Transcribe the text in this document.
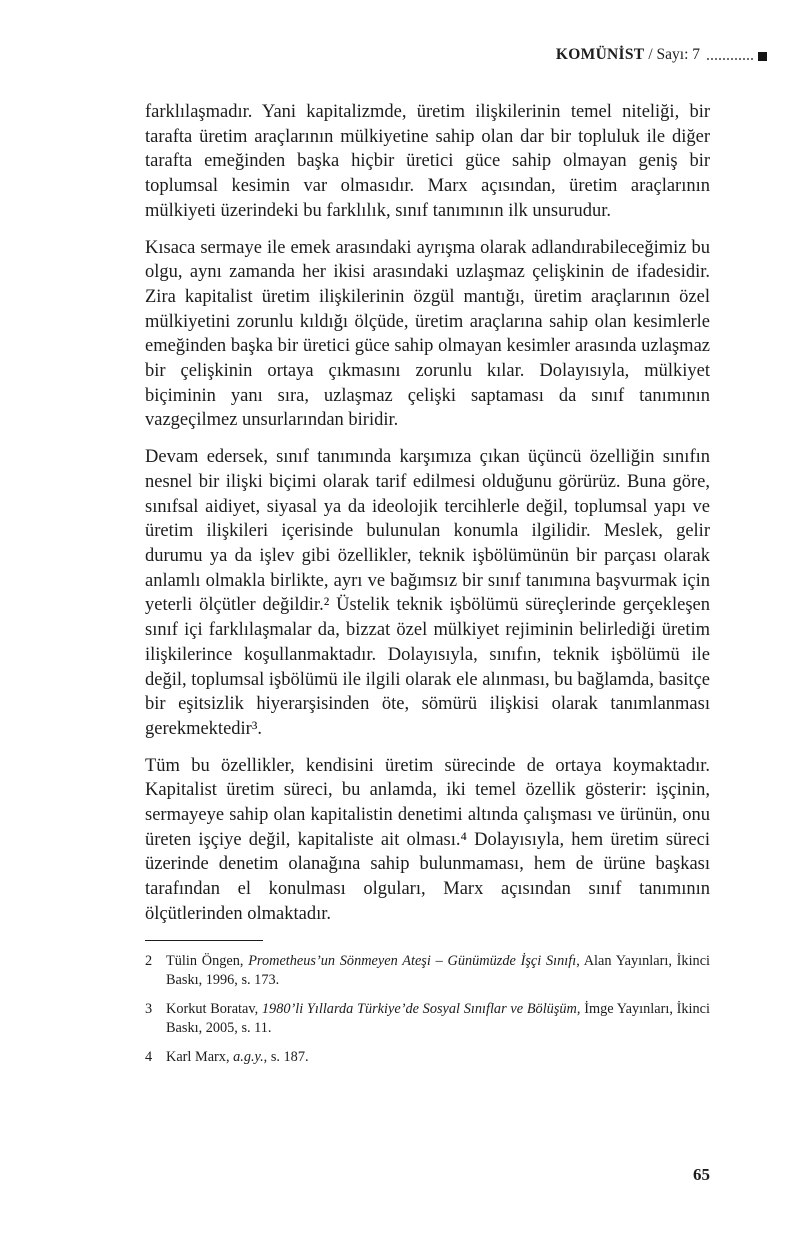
KOMÜNİST / Sayı: 7

farklılaşmadır. Yani kapitalizmde, üretim ilişkilerinin temel niteliği, bir tarafta üretim araçlarının mülkiyetine sahip olan dar bir topluluk ile diğer tarafta emeğinden başka hiçbir üretici güce sahip olmayan geniş bir toplumsal kesimin var olmasıdır. Marx açısından, üretim araçlarının mülkiyeti üzerindeki bu farklılık, sınıf tanımının ilk unsurudur.

Kısaca sermaye ile emek arasındaki ayrışma olarak adlandırabileceğimiz bu olgu, aynı zamanda her ikisi arasındaki uzlaşmaz çelişkinin de ifadesidir. Zira kapitalist üretim ilişkilerinin özgül mantığı, üretim araçlarının özel mülkiyetini zorunlu kıldığı ölçüde, üretim araçlarına sahip olan kesimlerle emeğinden başka bir üretici güce sahip olmayan kesimler arasında uzlaşmaz bir çelişkinin ortaya çıkmasını zorunlu kılar. Dolayısıyla, mülkiyet biçiminin yanı sıra, uzlaşmaz çelişki saptaması da sınıf tanımının vazgeçilmez unsurlarından biridir.

Devam edersek, sınıf tanımında karşımıza çıkan üçüncü özelliğin sınıfın nesnel bir ilişki biçimi olarak tarif edilmesi olduğunu görürüz. Buna göre, sınıfsal aidiyet, siyasal ya da ideolojik tercihlerle değil, toplumsal yapı ve üretim ilişkileri içerisinde bulunulan konumla ilgilidir. Meslek, gelir durumu ya da işlev gibi özellikler, teknik işbölümünün bir parçası olarak anlamlı olmakla birlikte, ayrı ve bağımsız bir sınıf tanımına başvurmak için yeterli ölçütler değildir.² Üstelik teknik işbölümü süreçlerinde gerçekleşen sınıf içi farklılaşmalar da, bizzat özel mülkiyet rejiminin belirlediği üretim ilişkilerince koşullanmaktadır. Dolayısıyla, sınıfın, teknik işbölümü ile değil, toplumsal işbölümü ile ilgili olarak ele alınması, bu bağlamda, basitçe bir eşitsizlik hiyerarşisinden öte, sömürü ilişkisi olarak tanımlanması gerekmektedir³.

Tüm bu özellikler, kendisini üretim sürecinde de ortaya koymaktadır. Kapitalist üretim süreci, bu anlamda, iki temel özellik gösterir: işçinin, sermayeye sahip olan kapitalistin denetimi altında çalışması ve ürünün, onu üreten işçiye değil, kapitaliste ait olması.⁴ Dolayısıyla, hem üretim süreci üzerinde denetim olanağına sahip bulunmaması, hem de ürüne başkası tarafından el konulması olguları, Marx açısından sınıf tanımının ölçütlerinden olmaktadır.

2 Tülin Öngen, Prometheus’un Sönmeyen Ateşi – Günümüzde İşçi Sınıfı, Alan Yayınları, İkinci Baskı, 1996, s. 173.
3 Korkut Boratav, 1980’li Yıllarda Türkiye’de Sosyal Sınıflar ve Bölüşüm, İmge Yayınları, İkinci Baskı, 2005, s. 11.
4 Karl Marx, a.g.y., s. 187.
65
